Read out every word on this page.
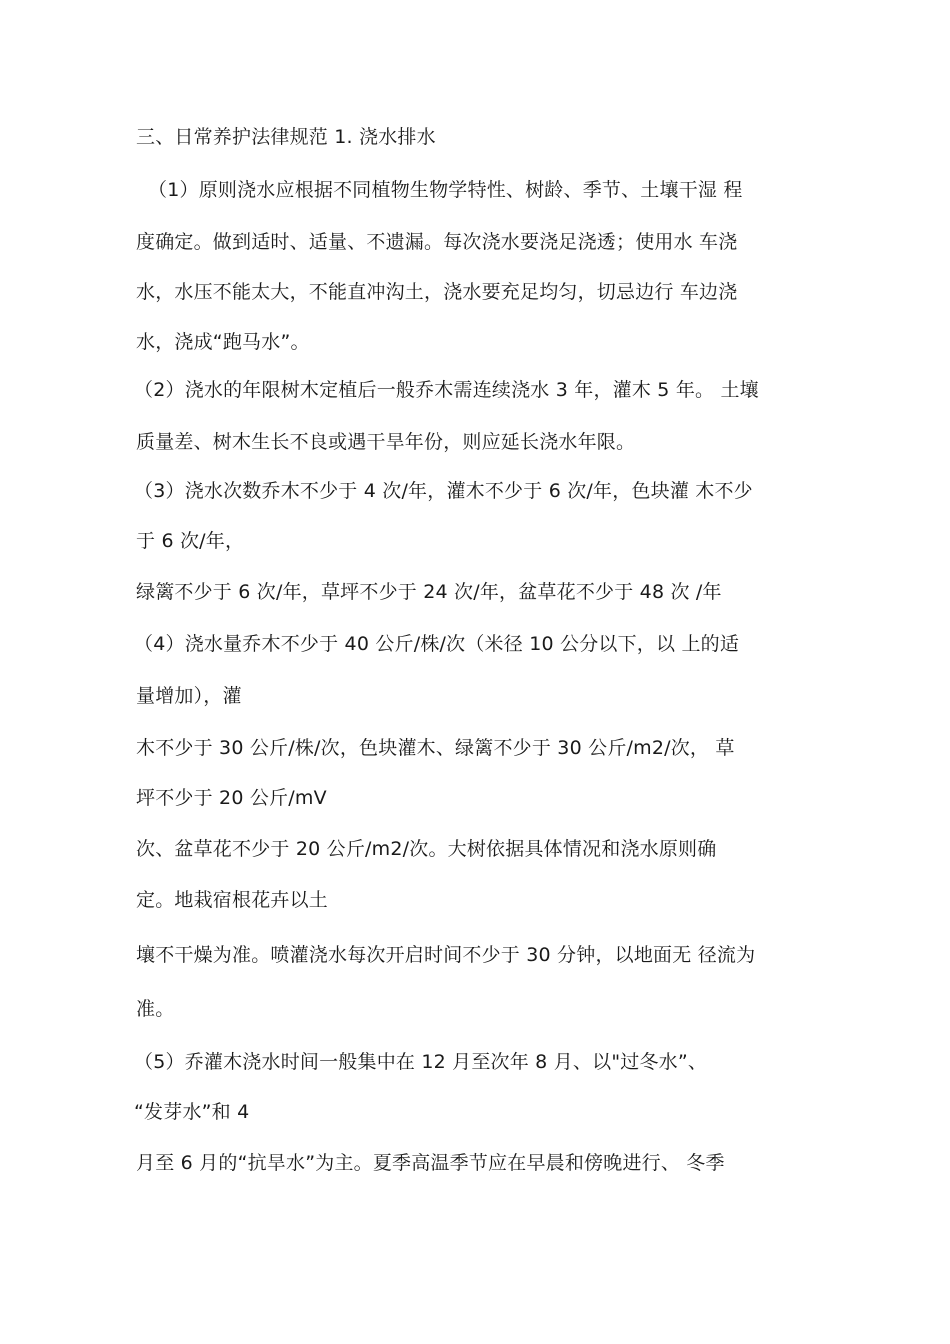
三、日常养护法律规范 1. 浇水排水
（1）原则浇水应根据不同植物生物学特性、树龄、季节、土壤干湿 程
度确定。做到适时、适量、不遗漏。每次浇水要浇足浇透；使用水 车浇
水，水压不能太大，不能直冲沟土，浇水要充足均匀，切忌边行 车边浇
水，浇成“跑马水”。
（2）浇水的年限树木定植后一般乔木需连续浇水 3 年，灌木 5 年。 土壤
质量差、树木生长不良或遇干旱年份，则应延长浇水年限。
（3）浇水次数乔木不少于 4 次/年，灌木不少于 6 次/年，色块灌 木不少
于 6 次/年，
绿篱不少于 6 次/年，草坪不少于 24 次/年，盆草花不少于 48 次 /年
（4）浇水量乔木不少于 40 公斤/株/次（米径 10 公分以下，以 上的适
量增加），灌
木不少于 30 公斤/株/次，色块灌木、绿篱不少于 30 公斤/m2/次， 草
坪不少于 20 公斤/mV
次、盆草花不少于 20 公斤/m2/次。大树依据具体情况和浇水原则确
定。地栽宿根花卉以土
壤不干燥为准。喷灌浇水每次开启时间不少于 30 分钟，以地面无 径流为
准。
（5）乔灌木浇水时间一般集中在 12 月至次年 8 月、以"过冬水”、
“发芽水”和 4
月至 6 月的“抗旱水”为主。夏季高温季节应在早晨和傍晚进行、 冬季
